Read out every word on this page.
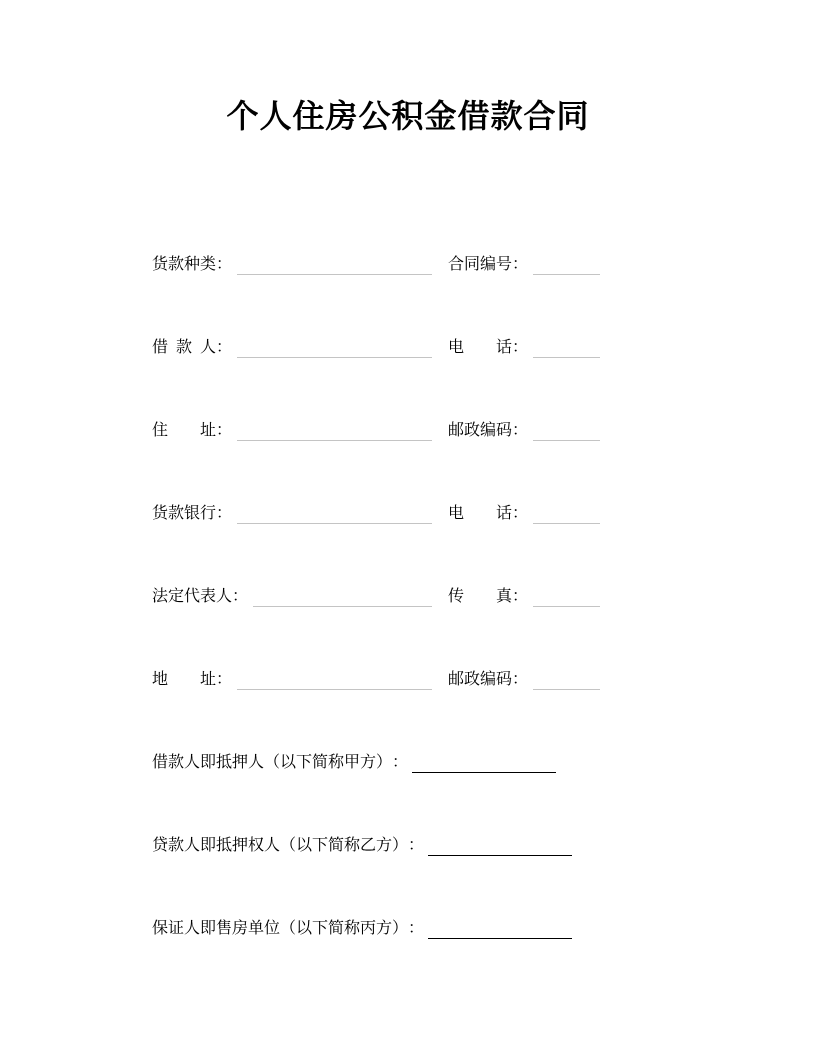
个人住房公积金借款合同
货款种类 ：	合同编号 ：
借款人 ：	电话 ：
住址 ：	邮政编码 ：
货款银行 ：	电话 ：
法定代表人 ：	传真 ：
地址 ：	邮政编码 ：
借款人即抵押人（以下简称甲方） ：
贷款人即抵押权人（以下简称乙方） ：
保证人即售房单位（以下简称丙方） ：
